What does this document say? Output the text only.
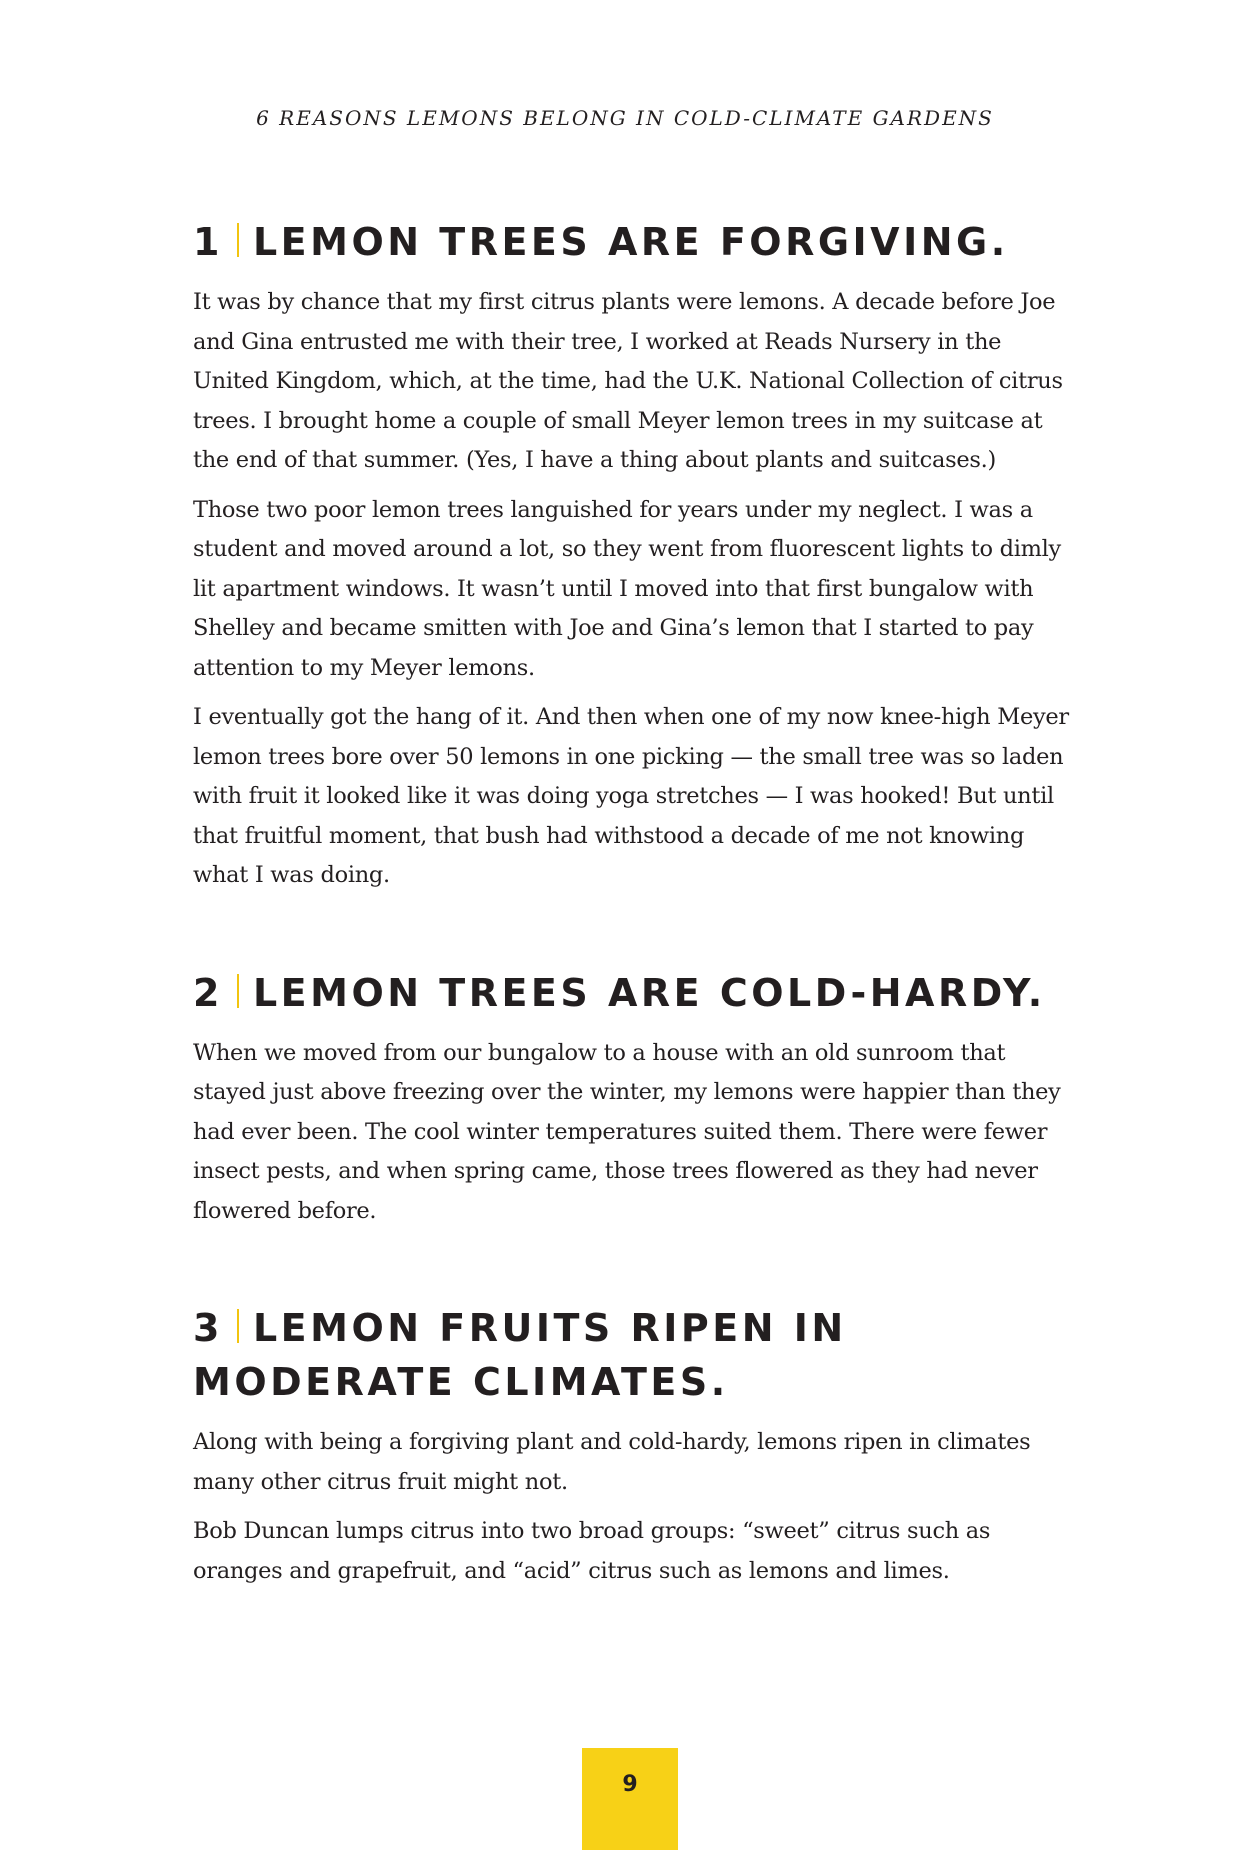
6 REASONS LEMONS BELONG IN COLD-CLIMATE GARDENS
1 LEMON TREES ARE FORGIVING.

It was by chance that my first citrus plants were lemons. A decade before Joe and Gina entrusted me with their tree, I worked at Reads Nursery in the United Kingdom, which, at the time, had the U.K. National Collection of citrus trees. I brought home a couple of small Meyer lemon trees in my suitcase at the end of that summer. (Yes, I have a thing about plants and suitcases.)

Those two poor lemon trees languished for years under my neglect. I was a student and moved around a lot, so they went from fluorescent lights to dimly lit apartment windows. It wasn’t until I moved into that first bungalow with Shelley and became smitten with Joe and Gina’s lemon that I started to pay attention to my Meyer lemons.

I eventually got the hang of it. And then when one of my now knee-high Meyer lemon trees bore over 50 lemons in one picking — the small tree was so laden with fruit it looked like it was doing yoga stretches — I was hooked! But until that fruitful moment, that bush had withstood a decade of me not knowing what I was doing.

2 LEMON TREES ARE COLD-HARDY.

When we moved from our bungalow to a house with an old sunroom that stayed just above freezing over the winter, my lemons were happier than they had ever been. The cool winter temperatures suited them. There were fewer insect pests, and when spring came, those trees flowered as they had never flowered before.

3 LEMON FRUITS RIPEN IN
MODERATE CLIMATES.

Along with being a forgiving plant and cold-hardy, lemons ripen in climates many other citrus fruit might not.

Bob Duncan lumps citrus into two broad groups: “sweet” citrus such as oranges and grapefruit, and “acid” citrus such as lemons and limes.

9
